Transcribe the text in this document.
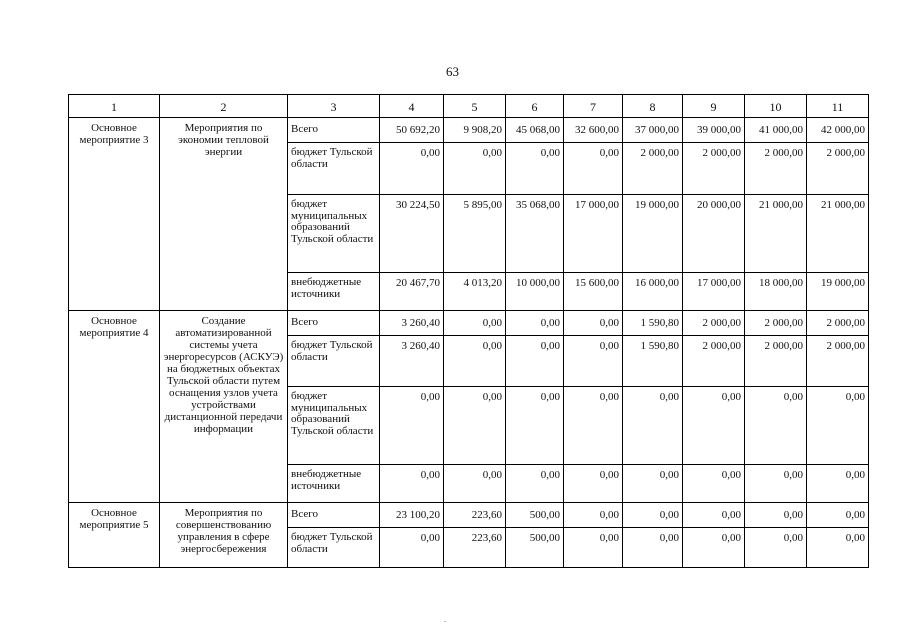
63
1	2	3	4	5	6	7	8	9	10	11
Основное мероприятие 3	Мероприятия по экономии тепловой энергии	Всего	50 692,20	9 908,20	45 068,00	32 600,00	37 000,00	39 000,00	41 000,00	42 000,00
		бюджет Тульской области	0,00	0,00	0,00	0,00	2 000,00	2 000,00	2 000,00	2 000,00
		бюджет муниципальных образований Тульской области	30 224,50	5 895,00	35 068,00	17 000,00	19 000,00	20 000,00	21 000,00	21 000,00
		внебюджетные источники	20 467,70	4 013,20	10 000,00	15 600,00	16 000,00	17 000,00	18 000,00	19 000,00
Основное мероприятие 4	Создание автоматизированной системы учета энергоресурсов (АСКУЭ) на бюджетных объектах Тульской области путем оснащения узлов учета устройствами дистанционной передачи информации	Всего	3 260,40	0,00	0,00	0,00	1 590,80	2 000,00	2 000,00	2 000,00
		бюджет Тульской области	3 260,40	0,00	0,00	0,00	1 590,80	2 000,00	2 000,00	2 000,00
		бюджет муниципальных образований Тульской области	0,00	0,00	0,00	0,00	0,00	0,00	0,00	0,00
		внебюджетные источники	0,00	0,00	0,00	0,00	0,00	0,00	0,00	0,00
Основное мероприятие 5	Мероприятия по совершенствованию управления в сфере энергосбережения	Всего	23 100,20	223,60	500,00	0,00	0,00	0,00	0,00	0,00
		бюджет Тульской области	0,00	223,60	500,00	0,00	0,00	0,00	0,00	0,00
